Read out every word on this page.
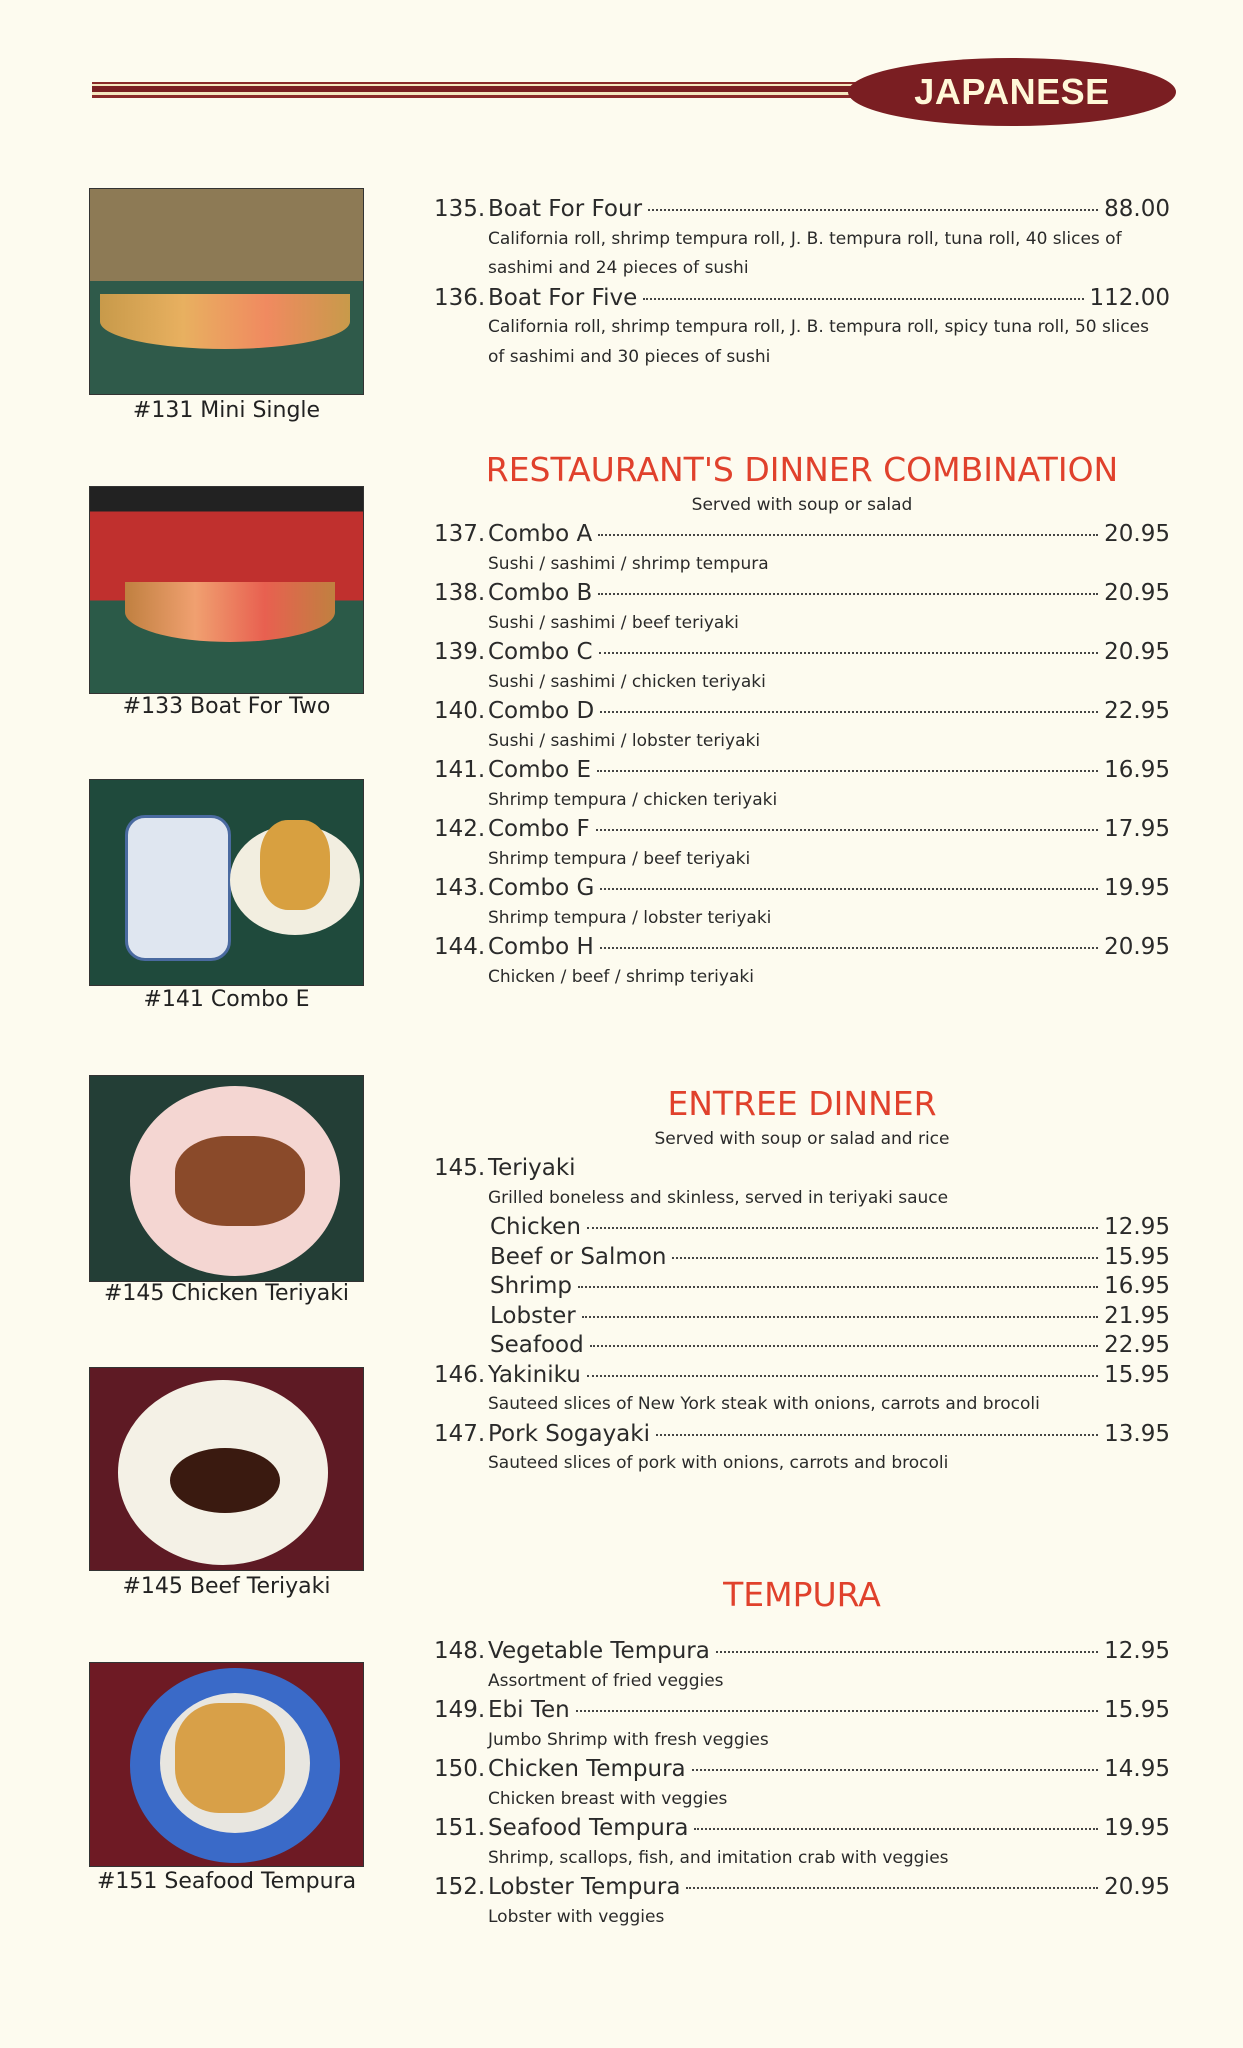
JAPANESE
#131 Mini Single
#133 Boat For Two
#141 Combo E
#145 Chicken Teriyaki
#145 Beef Teriyaki
#151 Seafood Tempura
135. Boat For Four	88.00
California roll, shrimp tempura roll, J. B. tempura roll, tuna roll, 40 slices of
sashimi and 24 pieces of sushi
136. Boat For Five	112.00
California roll, shrimp tempura roll, J. B. tempura roll, spicy tuna roll, 50 slices
of sashimi and 30 pieces of sushi
RESTAURANT'S DINNER COMBINATION
Served with soup or salad
137. Combo A	20.95
Sushi / sashimi / shrimp tempura
138. Combo B	20.95
Sushi / sashimi / beef teriyaki
139. Combo C	20.95
Sushi / sashimi / chicken teriyaki
140. Combo D	22.95
Sushi / sashimi / lobster teriyaki
141. Combo E	16.95
Shrimp tempura / chicken teriyaki
142. Combo F	17.95
Shrimp tempura / beef teriyaki
143. Combo G	19.95
Shrimp tempura / lobster teriyaki
144. Combo H	20.95
Chicken / beef / shrimp teriyaki
ENTREE DINNER
Served with soup or salad and rice
145. Teriyaki
Grilled boneless and skinless, served in teriyaki sauce
Chicken	12.95
Beef or Salmon	15.95
Shrimp	16.95
Lobster	21.95
Seafood	22.95
146. Yakiniku	15.95
Sauteed slices of New York steak with onions, carrots and brocoli
147. Pork Sogayaki	13.95
Sauteed slices of pork with onions, carrots and brocoli
TEMPURA
148. Vegetable Tempura	12.95
Assortment of fried veggies
149. Ebi Ten	15.95
Jumbo Shrimp with fresh veggies
150. Chicken Tempura	14.95
Chicken breast with veggies
151. Seafood Tempura	19.95
Shrimp, scallops, fish, and imitation crab with veggies
152. Lobster Tempura	20.95
Lobster with veggies
